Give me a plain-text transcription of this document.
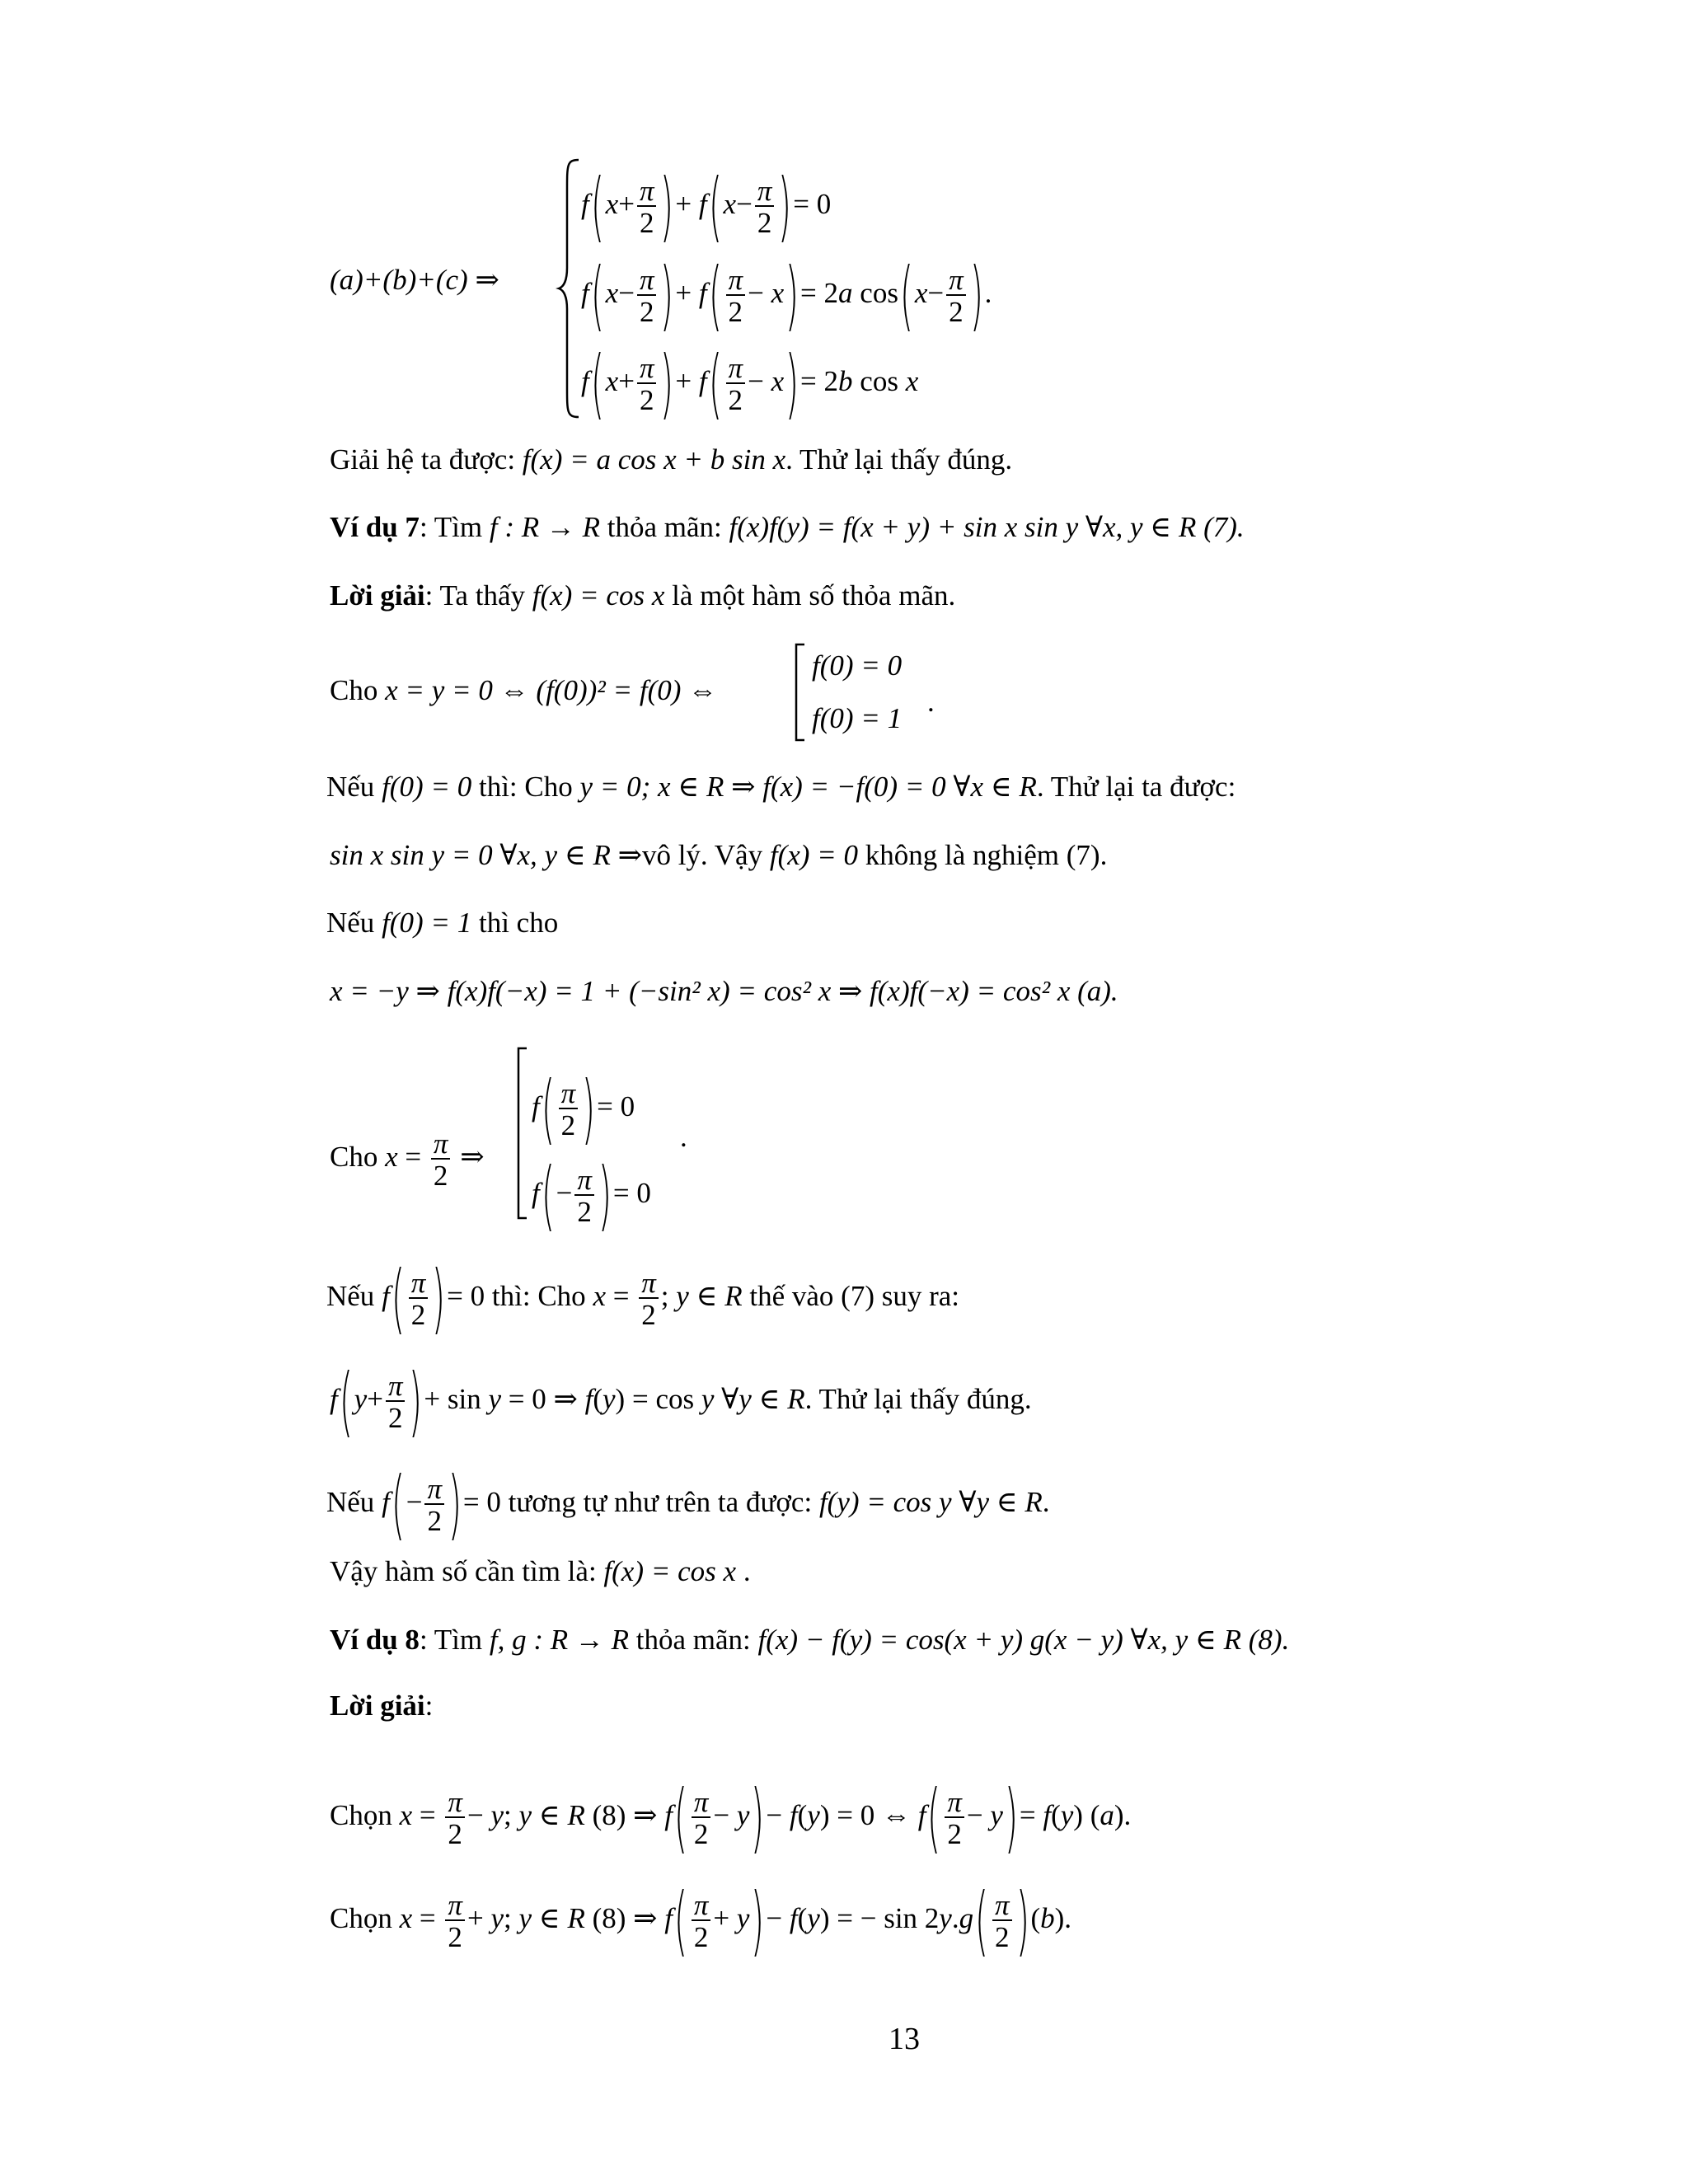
(a)+(b)+(c) ⇒
$f(x+ \frac{\pi}{2}$ )+ $f(x- \frac{\pi}{2}$ )= 0
$f(x- \frac{\pi}{2}$ )+ $f( \frac{\pi}{2} - x)= 2a$ $\cos(x- \frac{\pi}{2}$ ).
$f(x+ \frac{\pi}{2}$ )+ $f( \frac{\pi}{2} - x)= 2b$ cos x
Giải hệ ta được: f(x) = a cos x + b sin x. Thử lại thấy đúng.
Ví dụ 7: Tìm f : R → R thỏa mãn: f(x)f(y) = f(x + y) + sin x sin y ∀x, y ∈ R (7).
Lời giải: Ta thấy f(x) = cos x là một hàm số thỏa mãn.
Cho x = y = 0 ⇔ (f(0))² = f(0) ⇔
f(0) = 0
f(0) = 1
.
Nếu f(0) = 0 thì: Cho y = 0; x ∈ R ⇒ f(x) = −f(0) = 0 ∀x ∈ R. Thử lại ta được:
sin x sin y = 0 ∀x, y ∈ R ⇒vô lý. Vậy f(x) = 0 không là nghiệm (7).
Nếu f(0) = 1 thì cho
x = −y ⇒ f(x)f(−x) = 1 + (−sin² x) = cos² x ⇒ f(x)f(−x) = cos² x (a).
Cho $x = \frac{\pi}{2}$ ⇒
$f( \frac{\pi}{2}$ )= 0
$f(- \frac{\pi}{2}$ )= 0
.
Nếu $f( \frac{\pi}{2}$ )= 0 thì: Cho $x = \frac{\pi}{2}$ ; y ∈ R thế vào (7) suy ra:
$f(y+ \frac{\pi}{2}$ )+ sin y = 0 ⇒ f(y) = cos y ∀y ∈ R. Thử lại thấy đúng.
Nếu $f(- \frac{\pi}{2}$ )= 0 tương tự như trên ta được: f(y) = cos y ∀y ∈ R.
Vậy hàm số cần tìm là: f(x) = cos x .
Ví dụ 8: Tìm f, g : R → R thỏa mãn: f(x) − f(y) = cos(x + y) g(x − y) ∀x, y ∈ R (8).
Lời giải:
Chọn $x = \frac{\pi}{2} - y$; y ∈ R (8) ⇒ $f( \frac{\pi}{2} - y)- f(y) = 0$ ⇔ $f( \frac{\pi}{2} - y)= f(y)$ (a).
Chọn $x = \frac{\pi}{2} + y$; y ∈ R (8) ⇒ $f( \frac{\pi}{2} + y)- f(y)$ = − $\sin 2y.g( \frac{\pi}{2} )(b)$.
13
